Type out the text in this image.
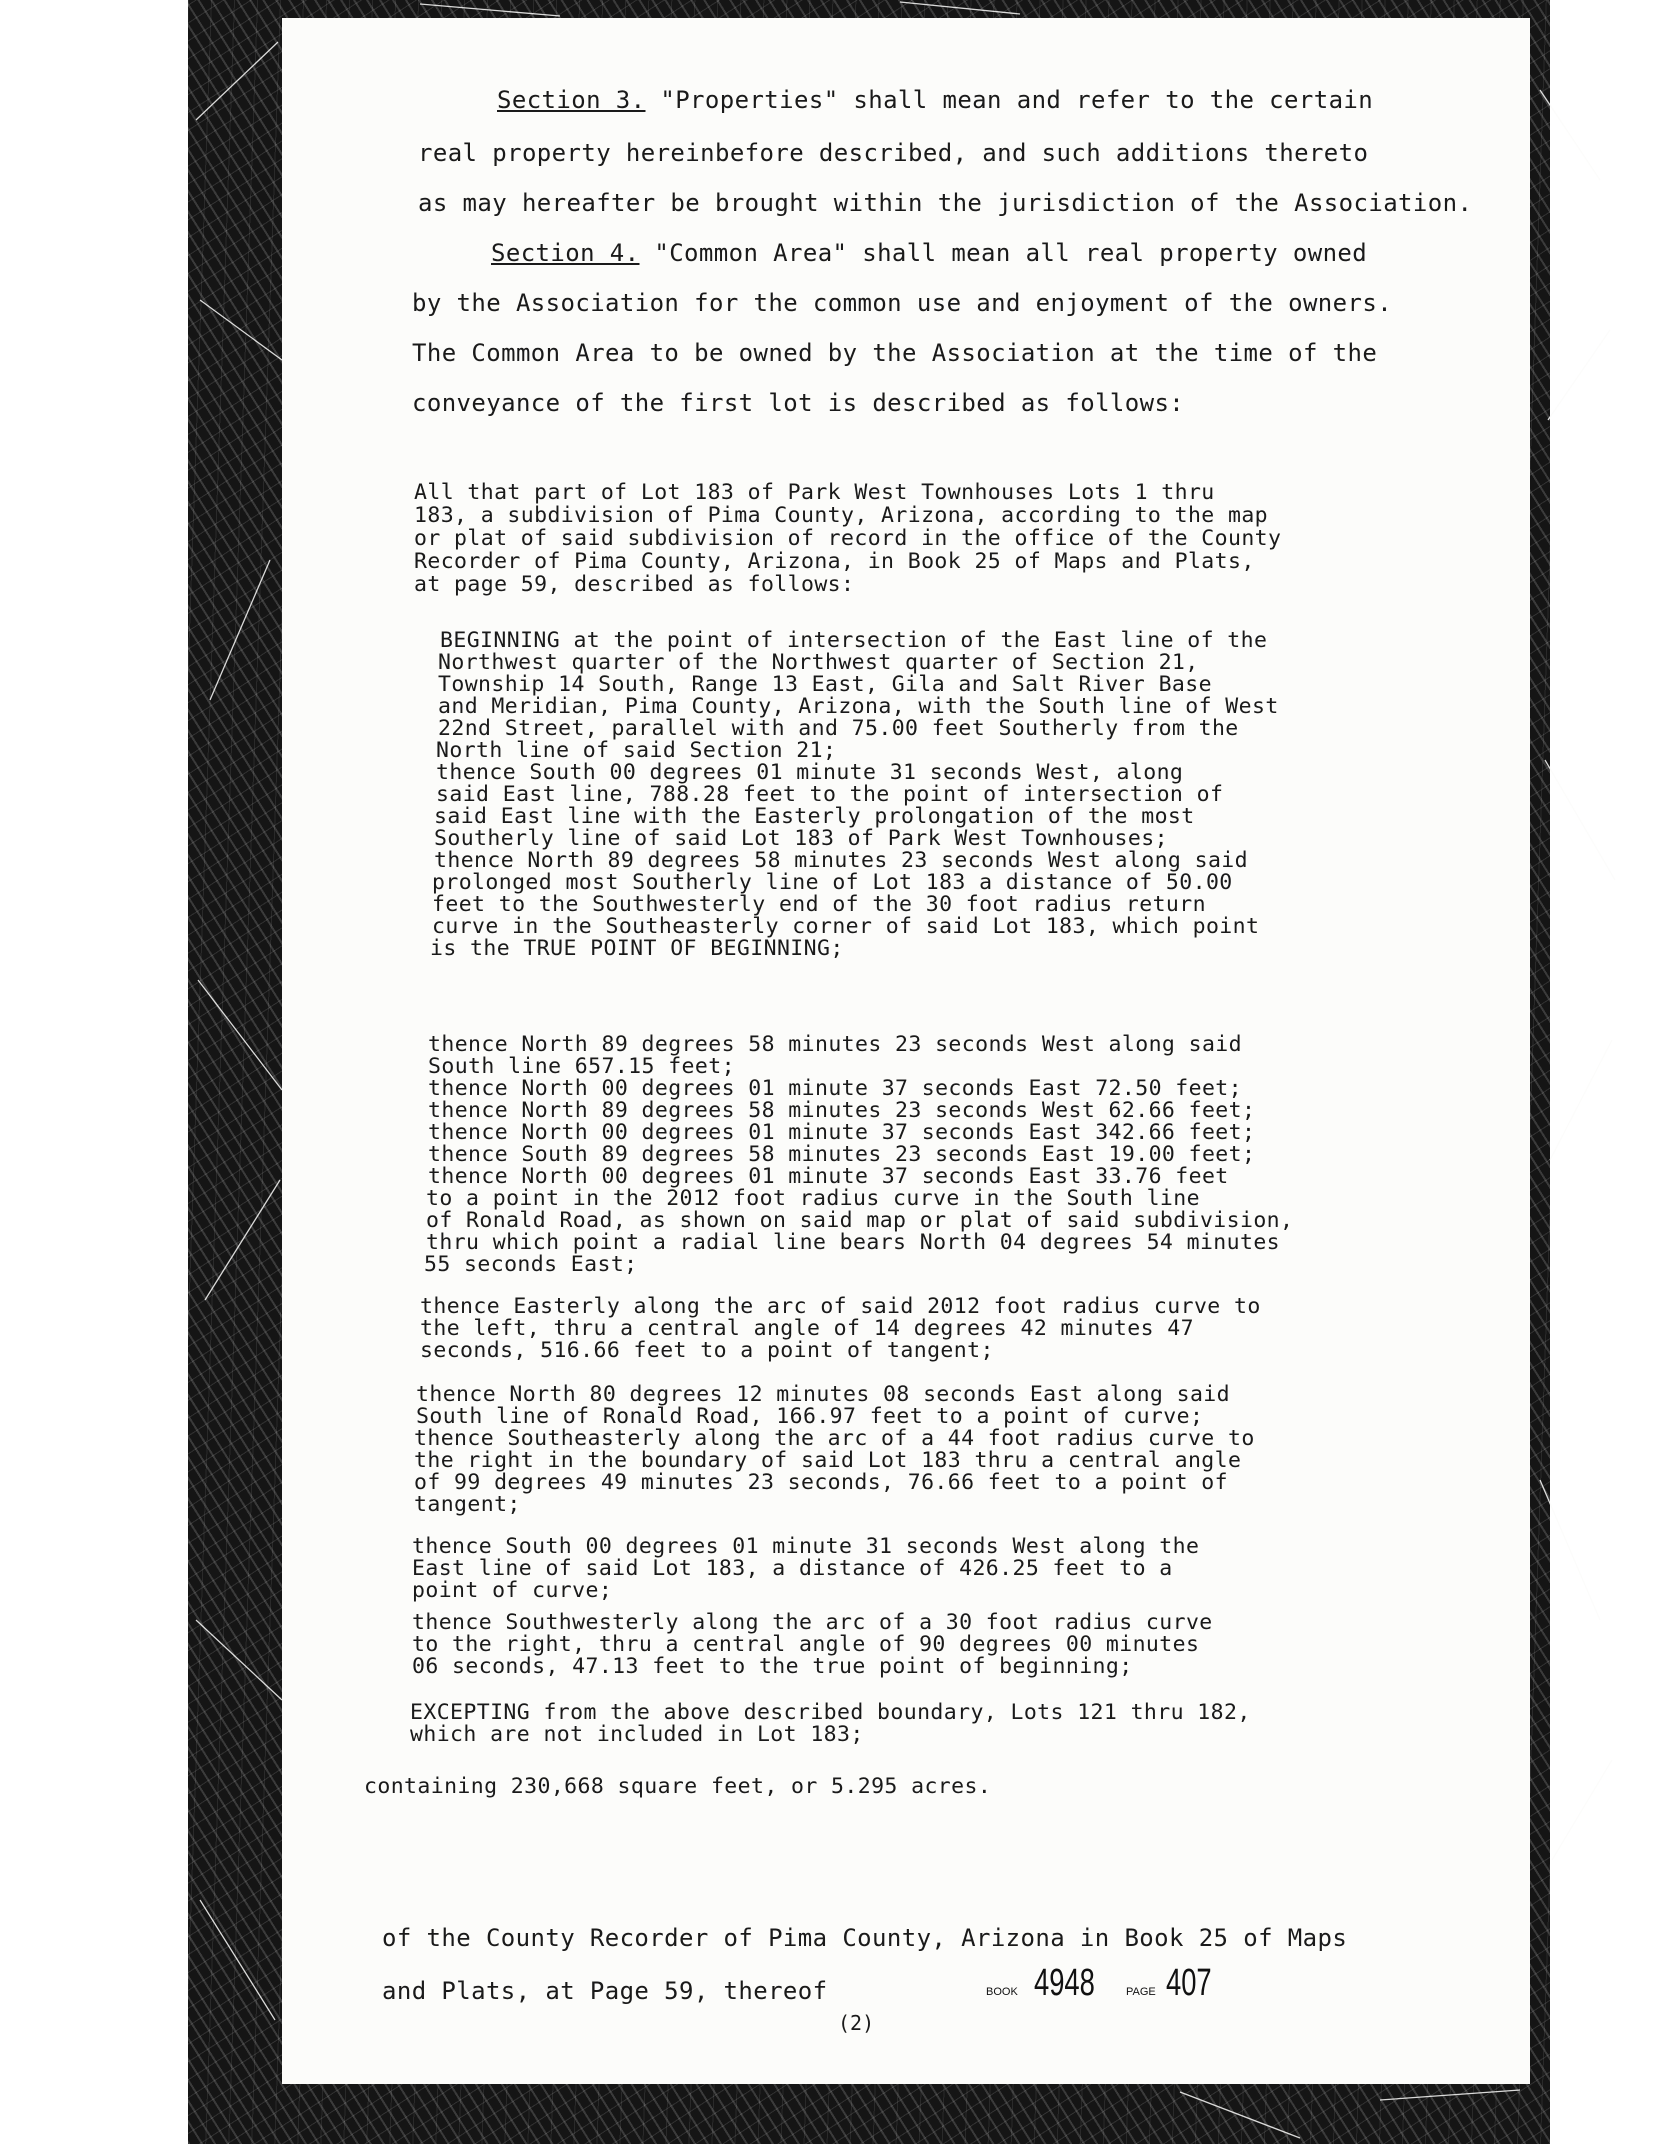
Section 3. "Properties" shall mean and refer to the certain
real property hereinbefore described, and such additions thereto
as may hereafter be brought within the jurisdiction of the Association.
Section 4. "Common Area" shall mean all real property owned
by the Association for the common use and enjoyment of the owners.
The Common Area to be owned by the Association at the time of the
conveyance of the first lot is described as follows:
All that part of Lot 183 of Park West Townhouses Lots 1 thru
183, a subdivision of Pima County, Arizona, according to the map
or plat of said subdivision of record in the office of the County
Recorder of Pima County, Arizona, in Book 25 of Maps and Plats,
at page 59, described as follows:
BEGINNING at the point of intersection of the East line of the
Northwest quarter of the Northwest quarter of Section 21,
Township 14 South, Range 13 East, Gila and Salt River Base
and Meridian, Pima County, Arizona, with the South line of West
22nd Street, parallel with and 75.00 feet Southerly from the
North line of said Section 21;
thence South 00 degrees 01 minute 31 seconds West, along
said East line, 788.28 feet to the point of intersection of
said East line with the Easterly prolongation of the most
Southerly line of said Lot 183 of Park West Townhouses;
thence North 89 degrees 58 minutes 23 seconds West along said
prolonged most Southerly line of Lot 183 a distance of 50.00
feet to the Southwesterly end of the 30 foot radius return
curve in the Southeasterly corner of said Lot 183, which point
is the TRUE POINT OF BEGINNING;
thence North 89 degrees 58 minutes 23 seconds West along said
South line 657.15 feet;
thence North 00 degrees 01 minute 37 seconds East 72.50 feet;
thence North 89 degrees 58 minutes 23 seconds West 62.66 feet;
thence North 00 degrees 01 minute 37 seconds East 342.66 feet;
thence South 89 degrees 58 minutes 23 seconds East 19.00 feet;
thence North 00 degrees 01 minute 37 seconds East 33.76 feet
to a point in the 2012 foot radius curve in the South line
of Ronald Road, as shown on said map or plat of said subdivision,
thru which point a radial line bears North 04 degrees 54 minutes
55 seconds East;
thence Easterly along the arc of said 2012 foot radius curve to
the left, thru a central angle of 14 degrees 42 minutes 47
seconds, 516.66 feet to a point of tangent;
thence North 80 degrees 12 minutes 08 seconds East along said
South line of Ronald Road, 166.97 feet to a point of curve;
thence Southeasterly along the arc of a 44 foot radius curve to
the right in the boundary of said Lot 183 thru a central angle
of 99 degrees 49 minutes 23 seconds, 76.66 feet to a point of
tangent;
thence South 00 degrees 01 minute 31 seconds West along the
East line of said Lot 183, a distance of 426.25 feet to a
point of curve;
thence Southwesterly along the arc of a 30 foot radius curve
to the right, thru a central angle of 90 degrees 00 minutes
06 seconds, 47.13 feet to the true point of beginning;
EXCEPTING from the above described boundary, Lots 121 thru 182,
which are not included in Lot 183;
containing 230,668 square feet, or 5.295 acres.
of the County Recorder of Pima County, Arizona in Book 25 of Maps
and Plats, at Page 59, thereof
(2)
BOOK 4948	PAGE 407
